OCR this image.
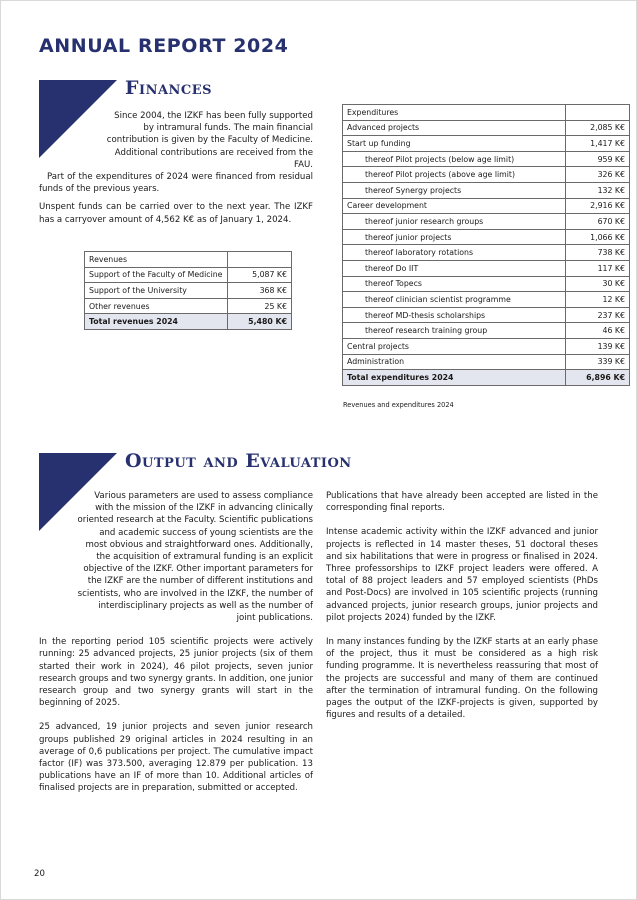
ANNUAL REPORT 2024
Finances

Since 2004, the IZKF has been fully supported by intramural funds. The main financial contribution is given by the Faculty of Medicine. Additional contributions are received from the FAU.

Part of the expenditures of 2024 were financed from residual funds of the previous years.

Unspent funds can be carried over to the next year. The IZKF has a carryover amount of 4,562 K€ as of January 1, 2024.

Revenues	
Support of the Faculty of Medicine	5,087 K€
Support of the University	368 K€
Other revenues	25 K€
Total revenues 2024	5,480 K€
Expenditures	
Advanced projects	2,085 K€
Start up funding	1,417 K€
thereof Pilot projects (below age limit)	959 K€
thereof Pilot projects (above age limit)	326 K€
thereof Synergy projects	132 K€
Career development	2,916 K€
thereof junior research groups	670 K€
thereof junior projects	1,066 K€
thereof laboratory rotations	738 K€
thereof Do IIT	117 K€
thereof Topecs	30 K€
thereof clinician scientist programme	12 K€
thereof MD-thesis scholarships	237 K€
thereof research training group	46 K€
Central projects	139 K€
Administration	339 K€
Total expenditures 2024	6,896 K€
Revenues and expenditures 2024
Output and Evaluation

Various parameters are used to assess compliance with the mission of the IZKF in advancing clinically oriented research at the Faculty. Scientific publications and academic success of young scientists are the most obvious and straightforward ones. Additionally, the acquisition of extramural funding is an explicit objective of the IZKF. Other important parameters for the IZKF are the number of different institutions and scientists, who are involved in the IZKF, the number of interdisciplinary projects as well as the number of joint publications.

In the reporting period 105 scientific projects were actively running: 25 advanced projects, 25 junior projects (six of them started their work in 2024), 46 pilot projects, seven junior research groups and two synergy grants. In addition, one junior research group and two synergy grants will start in the beginning of 2025.

25 advanced, 19 junior projects and seven junior research groups published 29 original articles in 2024 resulting in an average of 0,6 publications per project. The cumulative impact factor (IF) was 373.500, averaging 12.879 per publication. 13 publications have an IF of more than 10. Additional articles of finalised projects are in preparation, submitted or accepted.

Publications that have already been accepted are listed in the corresponding final reports.

Intense academic activity within the IZKF advanced and junior projects is reflected in 14 master theses, 51 doctoral theses and six habilitations that were in progress or finalised in 2024. Three professorships to IZKF project leaders were offered. A total of 88 project leaders and 57 employed scientists (PhDs and Post-Docs) are involved in 105 scientific projects (running advanced projects, junior research groups, junior projects and pilot projects 2024) funded by the IZKF.

In many instances funding by the IZKF starts at an early phase of the project, thus it must be considered as a high risk funding programme. It is nevertheless reassuring that most of the projects are successful and many of them are continued after the termination of intramural funding. On the following pages the output of the IZKF-projects is given, supported by figures and results of a detailed.

20
